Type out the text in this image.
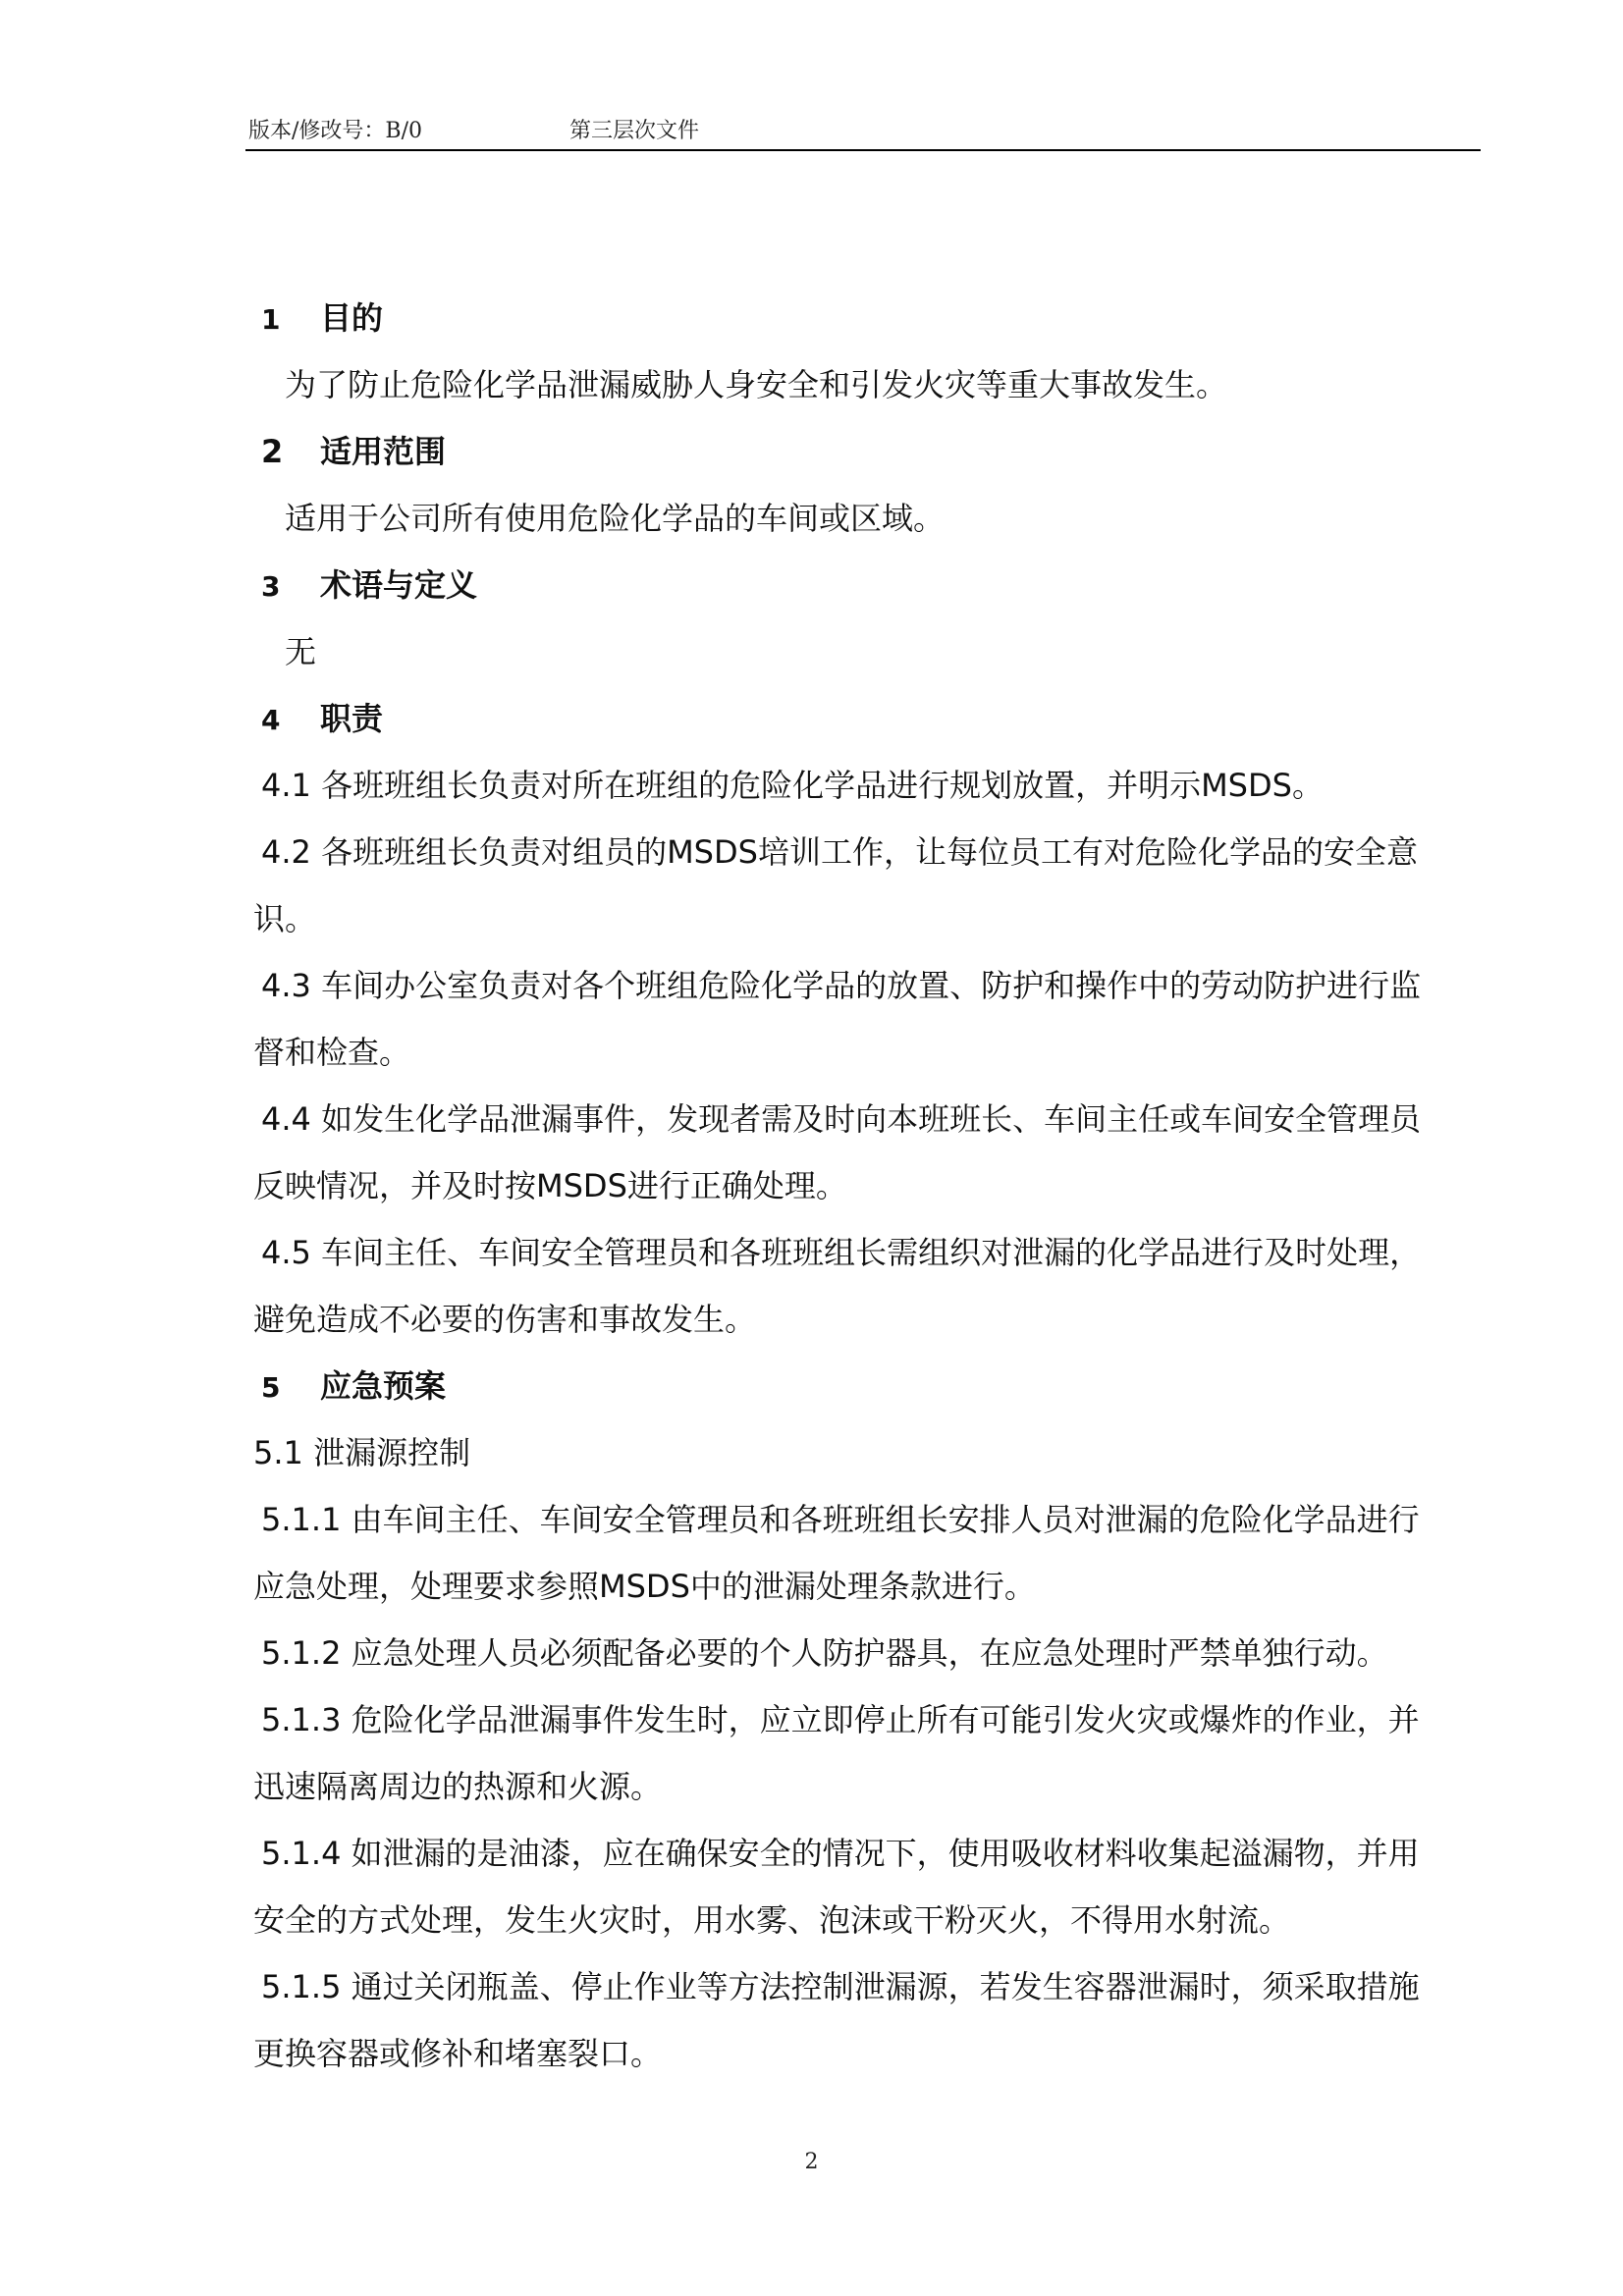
版本/修改号：B/0	第三层次文件
1 目的
为了防止危险化学品泄漏威胁人身安全和引发火灾等重大事故发生。
2 适用范围
适用于公司所有使用危险化学品的车间或区域。
3 术语与定义
无
4 职责
4.1 各班班组长负责对所在班组的危险化学品进行规划放置，并明示MSDS。
4.2 各班班组长负责对组员的MSDS培训工作，让每位员工有对危险化学品的安全意
识。
4.3 车间办公室负责对各个班组危险化学品的放置、防护和操作中的劳动防护进行监
督和检查。
4.4 如发生化学品泄漏事件，发现者需及时向本班班长、车间主任或车间安全管理员
反映情况，并及时按MSDS进行正确处理。
4.5 车间主任、车间安全管理员和各班班组长需组织对泄漏的化学品进行及时处理，
避免造成不必要的伤害和事故发生。
5 应急预案
5.1 泄漏源控制
5.1.1 由车间主任、车间安全管理员和各班班组长安排人员对泄漏的危险化学品进行
应急处理，处理要求参照MSDS中的泄漏处理条款进行。
5.1.2 应急处理人员必须配备必要的个人防护器具，在应急处理时严禁单独行动。
5.1.3 危险化学品泄漏事件发生时，应立即停止所有可能引发火灾或爆炸的作业，并
迅速隔离周边的热源和火源。
5.1.4 如泄漏的是油漆，应在确保安全的情况下，使用吸收材料收集起溢漏物，并用
安全的方式处理，发生火灾时，用水雾、泡沫或干粉灭火，不得用水射流。
5.1.5 通过关闭瓶盖、停止作业等方法控制泄漏源，若发生容器泄漏时，须采取措施
更换容器或修补和堵塞裂口。
2
